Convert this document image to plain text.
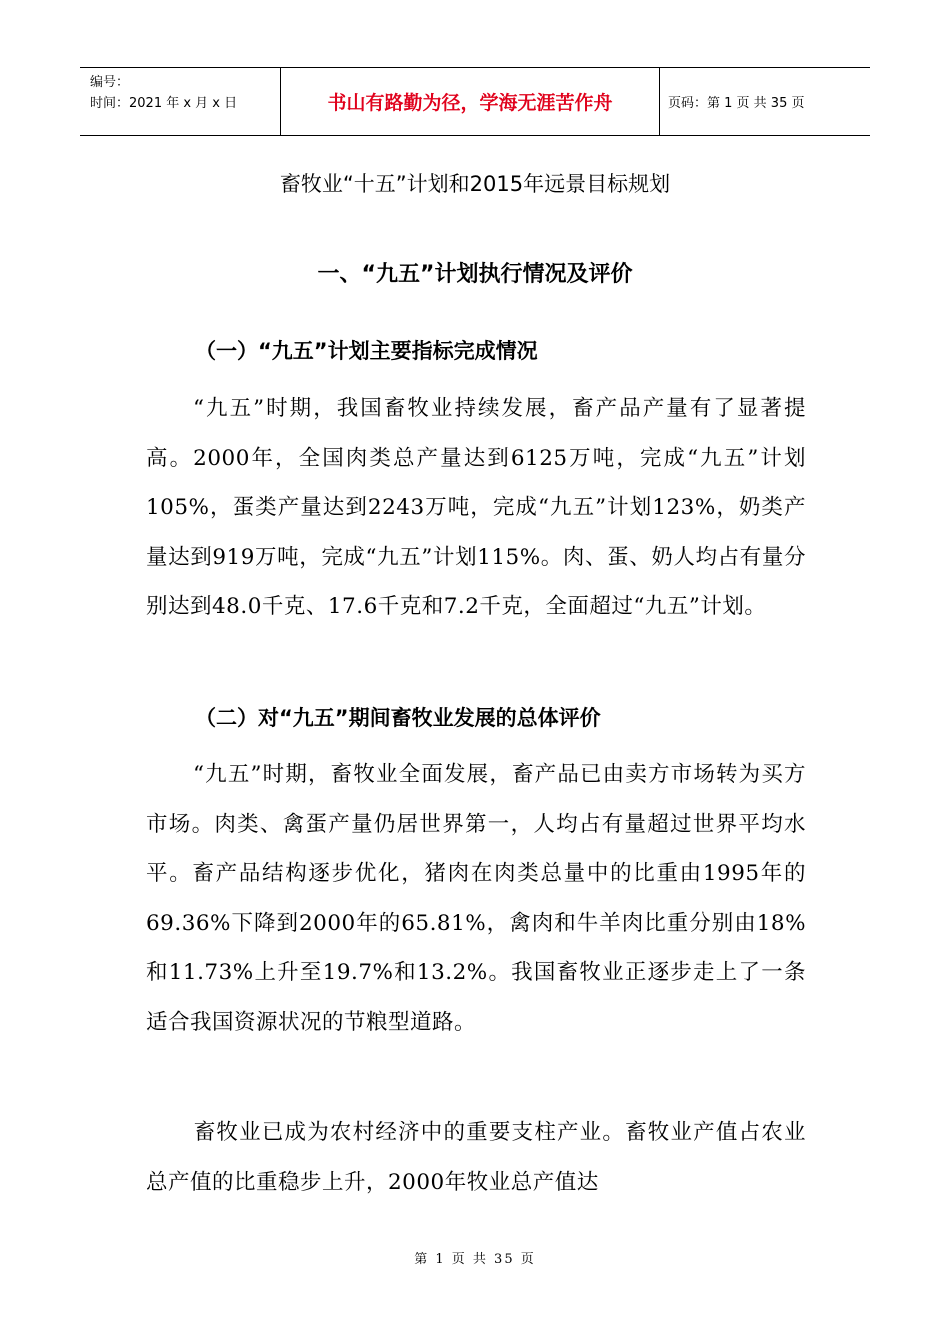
编号：
时间：2021 年 x 月 x 日	书山有路勤为径，学海无涯苦作舟	页码：第 1 页 共 35 页
畜牧业“十五”计划和2015年远景目标规划
一、“九五”计划执行情况及评价
（一）“九五”计划主要指标完成情况
“九五”时期，我国畜牧业持续发展，畜产品产量有了显著提高。2000年，全国肉类总产量达到6125万吨，完成“九五”计划105%，蛋类产量达到2243万吨，完成“九五”计划123%，奶类产量达到919万吨，完成“九五”计划115%。肉、蛋、奶人均占有量分别达到48.0千克、17.6千克和7.2千克，全面超过“九五”计划。
（二）对“九五”期间畜牧业发展的总体评价
“九五”时期，畜牧业全面发展，畜产品已由卖方市场转为买方市场。肉类、禽蛋产量仍居世界第一，人均占有量超过世界平均水平。畜产品结构逐步优化，猪肉在肉类总量中的比重由1995年的69.36%下降到2000年的65.81%，禽肉和牛羊肉比重分别由18%和11.73%上升至19.7%和13.2%。我国畜牧业正逐步走上了一条适合我国资源状况的节粮型道路。
畜牧业已成为农村经济中的重要支柱产业。畜牧业产值占农业总产值的比重稳步上升，2000年牧业总产值达
第 1 页 共 35 页
